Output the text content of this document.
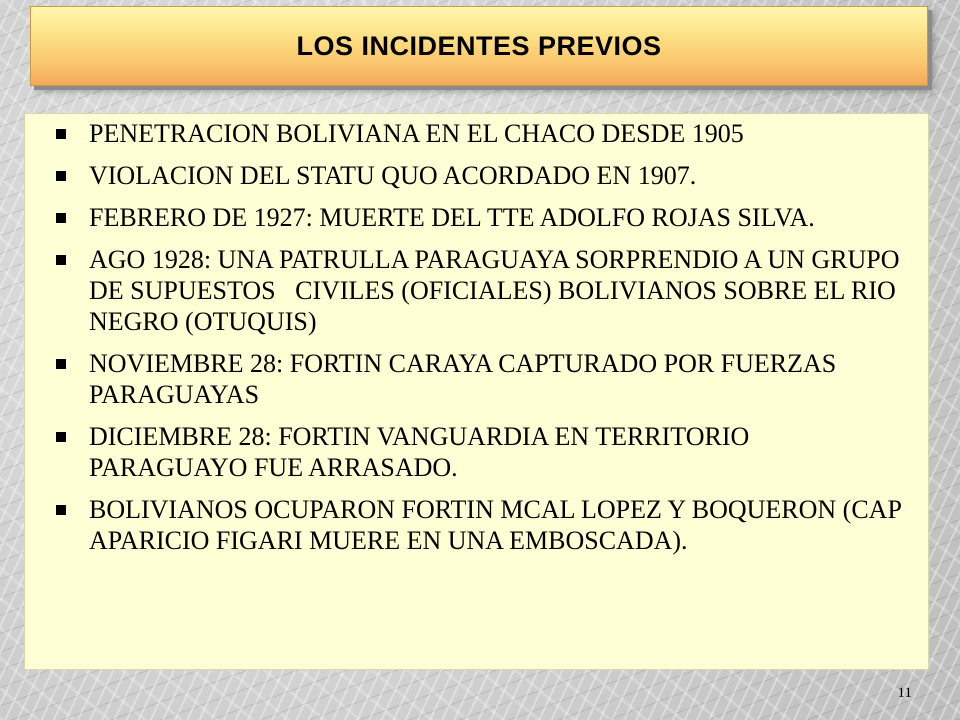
LOS INCIDENTES PREVIOS
PENETRACION BOLIVIANA EN EL CHACO DESDE 1905
VIOLACION DEL STATU QUO ACORDADO EN 1907.
FEBRERO DE 1927: MUERTE DEL TTE ADOLFO ROJAS SILVA.
AGO 1928: UNA PATRULLA PARAGUAYA SORPRENDIO A UN GRUPO DE SUPUESTOS   CIVILES (OFICIALES) BOLIVIANOS SOBRE EL RIO NEGRO (OTUQUIS)
NOVIEMBRE 28: FORTIN CARAYA CAPTURADO POR FUERZAS PARAGUAYAS
DICIEMBRE 28: FORTIN VANGUARDIA EN TERRITORIO PARAGUAYO FUE ARRASADO.
BOLIVIANOS OCUPARON FORTIN MCAL LOPEZ Y BOQUERON (CAP APARICIO FIGARI MUERE EN UNA EMBOSCADA).
11
